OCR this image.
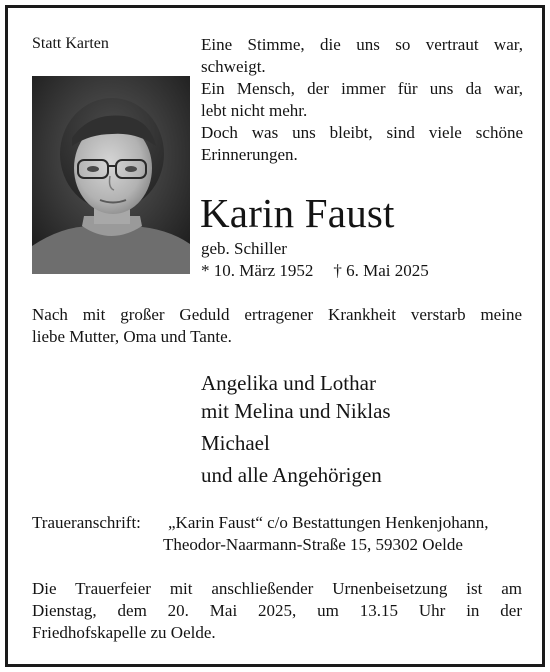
Statt Karten	Eine Stimme, die uns so vertraut war,
schweigt.
Ein Mensch, der immer für uns da war,
lebt nicht mehr.
Doch was uns bleibt, sind viele schöne
Erinnerungen.
Karin Faust
geb. Schiller
* 10. März 1952 † 6. Mai 2025
Nach mit großer Geduld ertragener Krankheit verstarb meine
liebe Mutter, Oma und Tante.
Angelika und Lothar
mit Melina und Niklas
Michael
und alle Angehörigen
Traueranschrift: „Karin Faust“ c/o Bestattungen Henkenjohann,
Theodor-Naarmann-Straße 15, 59302 Oelde
Die Trauerfeier mit anschließender Urnenbeisetzung ist am
Dienstag, dem 20. Mai 2025, um 13.15 Uhr in der
Friedhofskapelle zu Oelde.
